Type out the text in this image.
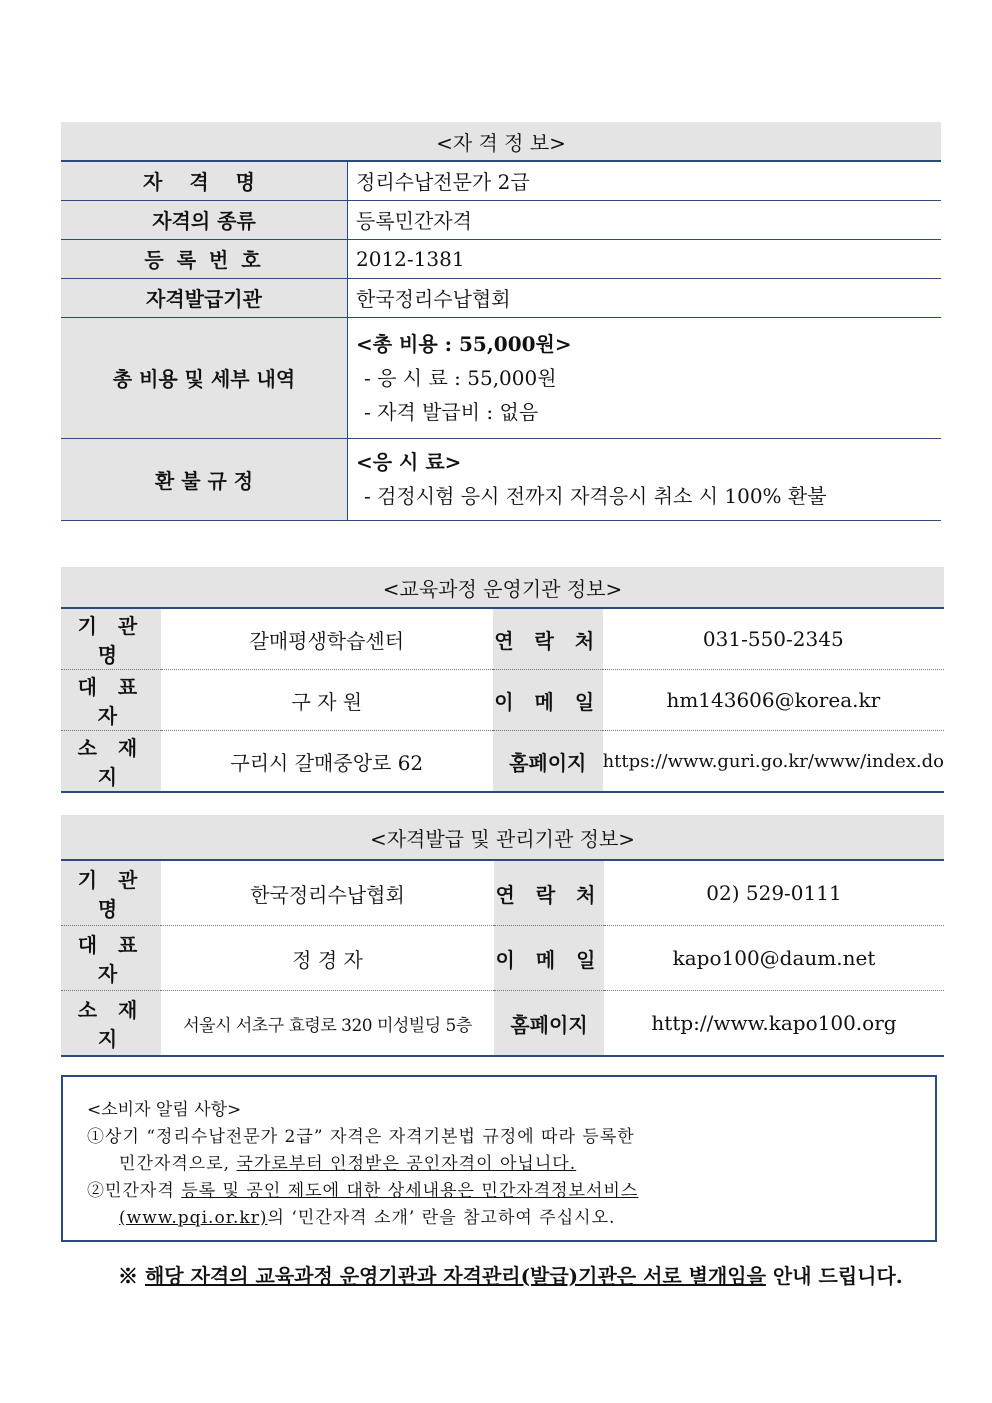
<자 격 정 보>	
자 격 명	정리수납전문가 2급
자격의 종류	등록민간자격
등 록 번 호	2012-1381
자격발급기관	한국정리수납협회
총 비용 및 세부 내역	<총 비용 : 55,000원>
- 응 시 료 : 55,000원
- 자격 발급비 : 없음

환 불 규 정	<응 시 료>
- 검정시험 응시 전까지 자격응시 취소 시 100% 환불
<교육과정 운영기관 정보>			
기 관 명	갈매평생학습센터	연 락 처	031-550-2345
대 표 자	구 자 원	이 메 일	hm143606@korea.kr
소 재 지	구리시 갈매중앙로 62	홈페이지	https://www.guri.go.kr/www/index.do
<자격발급 및 관리기관 정보>			
기 관 명	한국정리수납협회	연 락 처	02) 529-0111
대 표 자	정 경 자	이 메 일	kapo100@daum.net
소 재 지	서울시 서초구 효령로 320 미성빌딩 5층	홈페이지	http://www.kapo100.org
<소비자 알림 사항>
①상기 “정리수납전문가 2급” 자격은 자격기본법 규정에 따라 등록한
민간자격으로, 국가로부터 인정받은 공인자격이 아닙니다.
②민간자격 등록 및 공인 제도에 대한 상세내용은 민간자격정보서비스
(www.pqi.or.kr)의 ‘민간자격 소개’ 란을 참고하여 주십시오.
※ 해당 자격의 교육과정 운영기관과 자격관리(발급)기관은 서로 별개임을 안내 드립니다.
